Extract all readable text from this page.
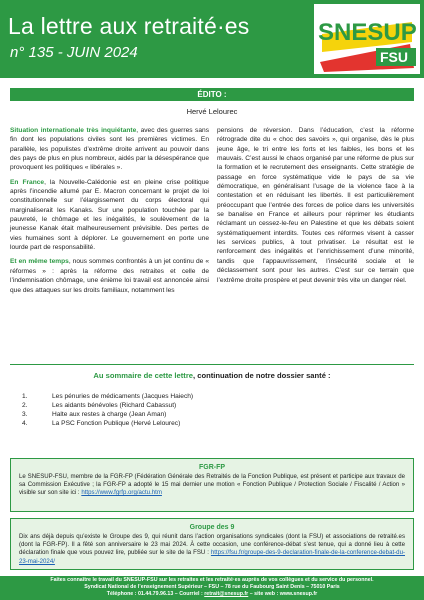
La lettre aux retraité·es
n° 135 - JUIN 2024
SNESUP
FSU
ÉDITO :
Hervé Lelourec

Situation internationale très inquiétante, avec des guerres sans fin dont les populations civiles sont les premières victimes. En parallèle, les populistes d’extrême droite arrivent au pouvoir dans des pays de plus en plus nombreux, aidés par la désespérance que provoquent les politiques « libérales ».

En France, la Nouvelle-Calédonie est en pleine crise politique après l’incendie allumé par E. Macron concernant le projet de loi constitutionnelle sur l’élargissement du corps électoral qui marginaliserait les Kanaks. Sur une population touchée par la pauvreté, le chômage et les inégalités, le soulèvement de la jeunesse Kanak était malheureusement prévisible. Des pertes de vies humaines sont à déplorer. Le gouvernement en porte une lourde part de responsabilité.

Et en même temps, nous sommes confrontés à un jet continu de « réformes » : après la réforme des retraites et celle de l’indemnisation chômage, une énième loi travail est annoncée ainsi que des attaques sur les droits familiaux, notamment les

pensions de réversion. Dans l’éducation, c’est la réforme rétrograde dite du « choc des savoirs », qui organise, dès le plus jeune âge, le tri entre les forts et les faibles, les bons et les mauvais. C’est aussi le chaos organisé par une réforme de plus sur la formation et le recrutement des enseignants. Cette stratégie de passage en force systématique vide le pays de sa vie démocratique, en généralisant l’usage de la violence face à la contestation et en réduisant les libertés. Il est particulièrement préoccupant que l’entrée des forces de police dans les universités se banalise en France et ailleurs pour réprimer les étudiants réclamant un cessez-le-feu en Palestine et que les débats soient systématiquement interdits. Toutes ces réformes visent à casser les services publics, à tout privatiser. Le résultat est le renforcement des inégalités et l’enrichissement d’une minorité, tandis que l’appauvrissement, l’insécurité sociale et le déclassement sont pour les autres. C’est sur ce terrain que l’extrême droite prospère et peut devenir très vite un danger réel.

Au sommaire de cette lettre, continuation de notre dossier santé :
1.	Les pénuries de médicaments (Jacques Haiech)
2.	Les aidants bénévoles (Richard Cabassut)
3.	Halte aux restes à charge (Jean Aman)
4.	La PSC Fonction Publique (Hervé Lelourec)
FGR-FP
Le SNESUP-FSU, membre de la FGR-FP (Fédération Générale des Retraités de la Fonction Publique, est présent et participe aux travaux de sa Commission Exécutive ; la FGR-FP a adopté le 15 mai dernier une motion « Fonction Publique / Protection Sociale / Fiscalité / Action » visible sur son site ici : https://www.fgrfp.org/actu.htm
Groupe des 9
Dix ans déjà depuis qu’existe le Groupe des 9, qui réunit dans l’action organisations syndicales (dont la FSU) et associations de retraité.es (dont la FGR-FP). Il a fêté son anniversaire le 23 mai 2024. À cette occasion, une conférence-débat s’est tenue, qui a donné lieu à cette déclaration finale que vous pouvez lire, publiée sur le site de la FSU : https://fsu.fr/groupe-des-9-declaration-finale-de-la-conference-debat-du-23-mai-2024/
Faites connaître le travail du SNESUP-FSU sur les retraites et les retraité·es auprès de vos collègues et du service du personnel.
Syndicat National de l’enseignement Supérieur – FSU – 78 rue du Faubourg Saint Denis – 75010 Paris
Téléphone : 01.44.79.96.13 – Courriel : retrait@snesup.fr – site web : www.snesup.fr
